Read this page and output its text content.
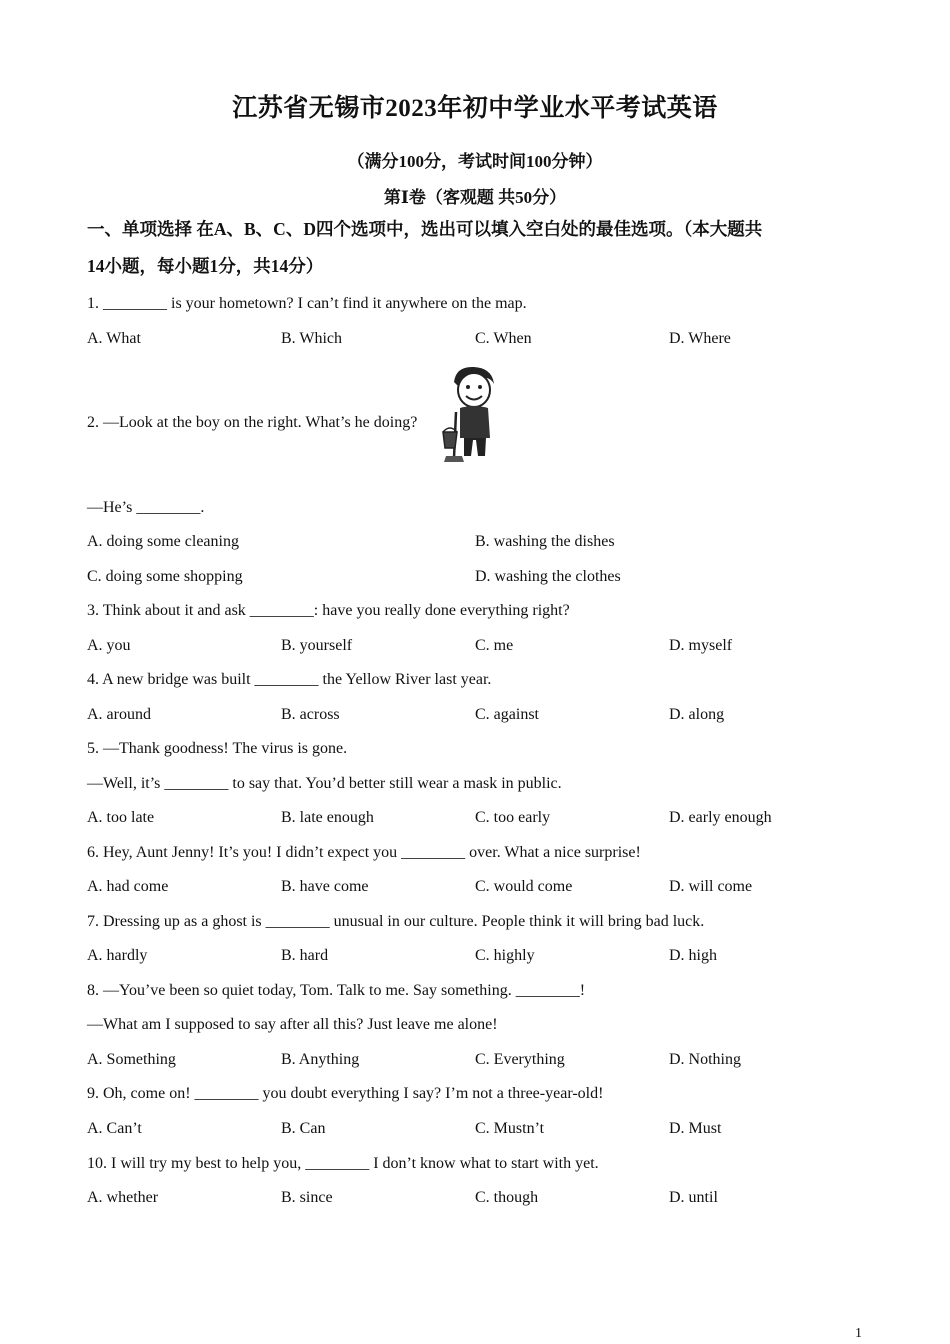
江苏省无锡市2023年初中学业水平考试英语
（满分100分，考试时间100分钟）
第Ⅰ卷（客观题 共50分）
一、单项选择 在A、B、C、D四个选项中，选出可以填入空白处的最佳选项。（本大题共
14小题，每小题1分，共14分）
1. ________ is your hometown? I can’t find it anywhere on the map.
A. What	B. Which	C. When	D. Where
2. —Look at the boy on the right. What’s he doing?
—He’s ________.
A. doing some cleaning	B. washing the dishes
C. doing some shopping	D. washing the clothes
3. Think about it and ask ________: have you really done everything right?
A. you	B. yourself	C. me	D. myself
4. A new bridge was built ________ the Yellow River last year.
A. around	B. across	C. against	D. along
5. —Thank goodness! The virus is gone.
—Well, it’s ________ to say that. You’d better still wear a mask in public.
A. too late	B. late enough	C. too early	D. early enough
6. Hey, Aunt Jenny! It’s you! I didn’t expect you ________ over. What a nice surprise!
A. had come	B. have come	C. would come	D. will come
7. Dressing up as a ghost is ________ unusual in our culture. People think it will bring bad luck.
A. hardly	B. hard	C. highly	D. high
8. —You’ve been so quiet today, Tom. Talk to me. Say something. ________!
—What am I supposed to say after all this? Just leave me alone!
A. Something	B. Anything	C. Everything	D. Nothing
9. Oh, come on! ________ you doubt everything I say? I’m not a three-year-old!
A. Can’t	B. Can	C. Mustn’t	D. Must
10. I will try my best to help you, ________ I don’t know what to start with yet.
A. whether	B. since	C. though	D. until
1
